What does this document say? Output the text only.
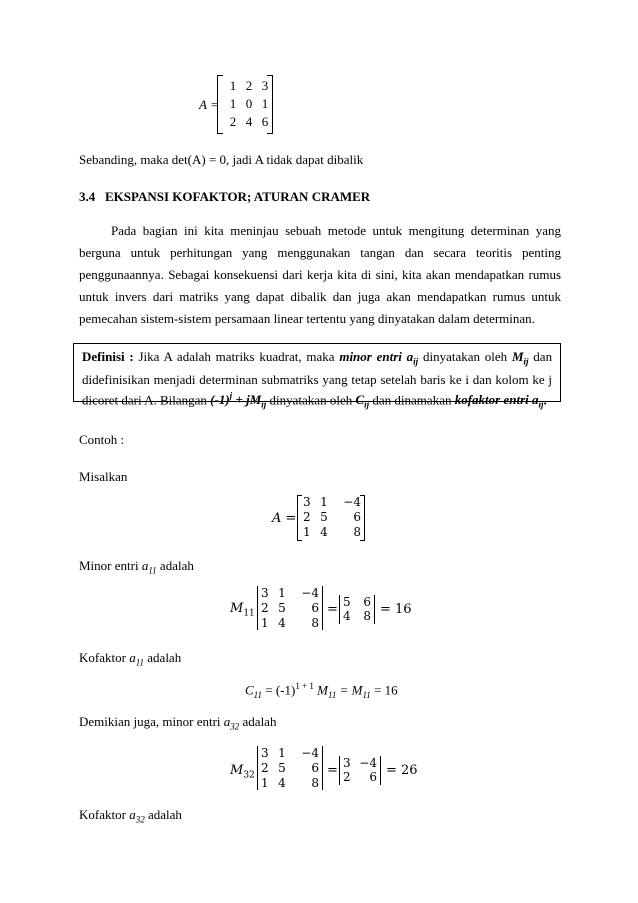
A =
1 2 3
1 0 1
2 4 6
Sebanding, maka det(A) = 0, jadi A tidak dapat dibalik
3.4   EKSPANSI KOFAKTOR; ATURAN CRAMER
Pada bagian ini kita meninjau sebuah metode untuk mengitung determinan yang
berguna untuk perhitungan yang menggunakan tangan dan secara teoritis penting
penggunaannya. Sebagai konsekuensi dari kerja kita di sini, kita akan mendapatkan rumus
untuk invers dari matriks yang dapat dibalik dan juga akan mendapatkan rumus untuk
pemecahan sistem-sistem persamaan linear tertentu yang dinyatakan dalam determinan.
Definisi : Jika A adalah matriks kuadrat, maka minor entri $a_{ij}$ dinyatakan oleh $M_{ij}$ dan
didefinisikan menjadi determinan submatriks yang tetap setelah baris ke i dan kolom ke j
dicoret dari A. Bilangan $(-1)^j + jM_{ij}$ dinyatakan oleh $C_{ij}$ dan dinamakan kofaktor entri $a_{ij}$.
Contoh :
Misalkan
A =
3 1	−4
2 5	6
1 4	8
Minor entri $a_{11}$ adalah
$M_{11}$
3 1	−4
2 5	6
1 4	8
= 5	6
4	8 = 16
Kofaktor $a_{11}$ adalah
$C_{11} = (-1)^{1 + 1}$ $M_{11} = M_{11} = 16$
Demikian juga, minor entri $a_{32}$ adalah
$M_{32}$
3 1	−4
2 5	6
1 4	8
= 3 −4
2	6 = 26
Kofaktor $a_{32}$ adalah
